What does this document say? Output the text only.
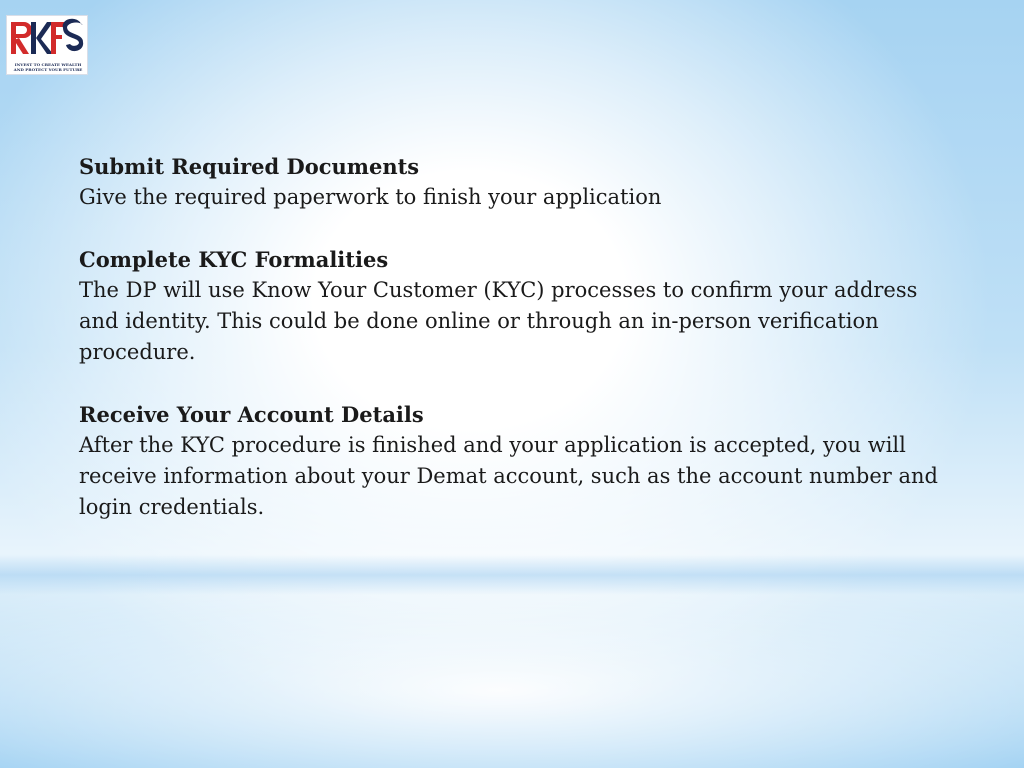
INVEST TO CREATE WEALTH
AND PROTECT YOUR FUTURE
Submit Required Documents
Give the required paperwork to finish your application
Complete KYC Formalities
The DP will use Know Your Customer (KYC) processes to confirm your address and identity. This could be done online or through an in-person verification procedure.
Receive Your Account Details
After the KYC procedure is finished and your application is accepted, you will receive information about your Demat account, such as the account number and login credentials.
